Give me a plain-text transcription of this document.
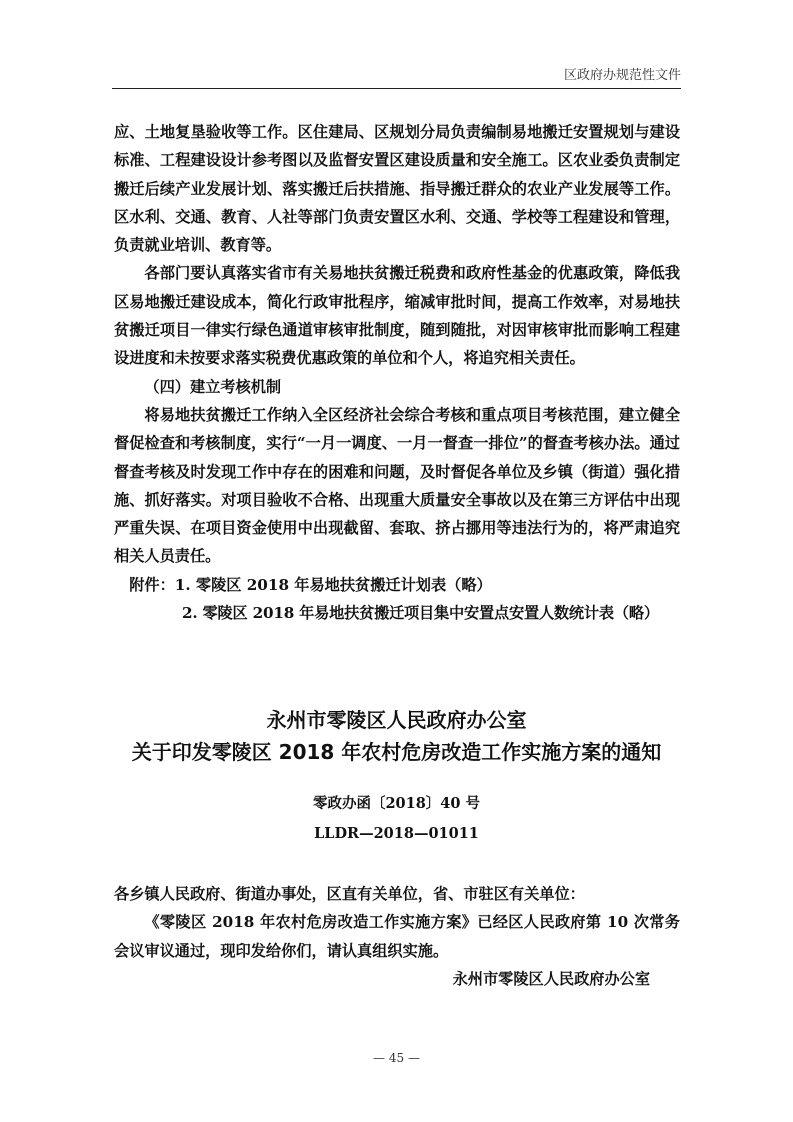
区政府办规范性文件

应、土地复垦验收等工作。区住建局、区规划分局负责编制易地搬迁安置规划与建设标准、工程建设设计参考图以及监督安置区建设质量和安全施工。区农业委负责制定搬迁后续产业发展计划、落实搬迁后扶措施、指导搬迁群众的农业产业发展等工作。区水利、交通、教育、人社等部门负责安置区水利、交通、学校等工程建设和管理，负责就业培训、教育等。

各部门要认真落实省市有关易地扶贫搬迁税费和政府性基金的优惠政策，降低我区易地搬迁建设成本，简化行政审批程序，缩减审批时间，提高工作效率，对易地扶贫搬迁项目一律实行绿色通道审核审批制度，随到随批，对因审核审批而影响工程建设进度和未按要求落实税费优惠政策的单位和个人，将追究相关责任。

（四）建立考核机制

将易地扶贫搬迁工作纳入全区经济社会综合考核和重点项目考核范围，建立健全督促检查和考核制度，实行“一月一调度、一月一督查一排位”的督查考核办法。通过督查考核及时发现工作中存在的困难和问题，及时督促各单位及乡镇（街道）强化措施、抓好落实。对项目验收不合格、出现重大质量安全事故以及在第三方评估中出现严重失误、在项目资金使用中出现截留、套取、挤占挪用等违法行为的，将严肃追究相关人员责任。

附件：1. 零陵区 2018 年易地扶贫搬迁计划表（略）

2. 零陵区 2018 年易地扶贫搬迁项目集中安置点安置人数统计表（略）

永州市零陵区人民政府办公室
关于印发零陵区 2018 年农村危房改造工作实施方案的通知
零政办函〔2018〕40 号
LLDR—2018—01011

各乡镇人民政府、街道办事处，区直有关单位，省、市驻区有关单位：

《零陵区 2018 年农村危房改造工作实施方案》已经区人民政府第 10 次常务会议审议通过，现印发给你们，请认真组织实施。

永州市零陵区人民政府办公室

— 45 —
